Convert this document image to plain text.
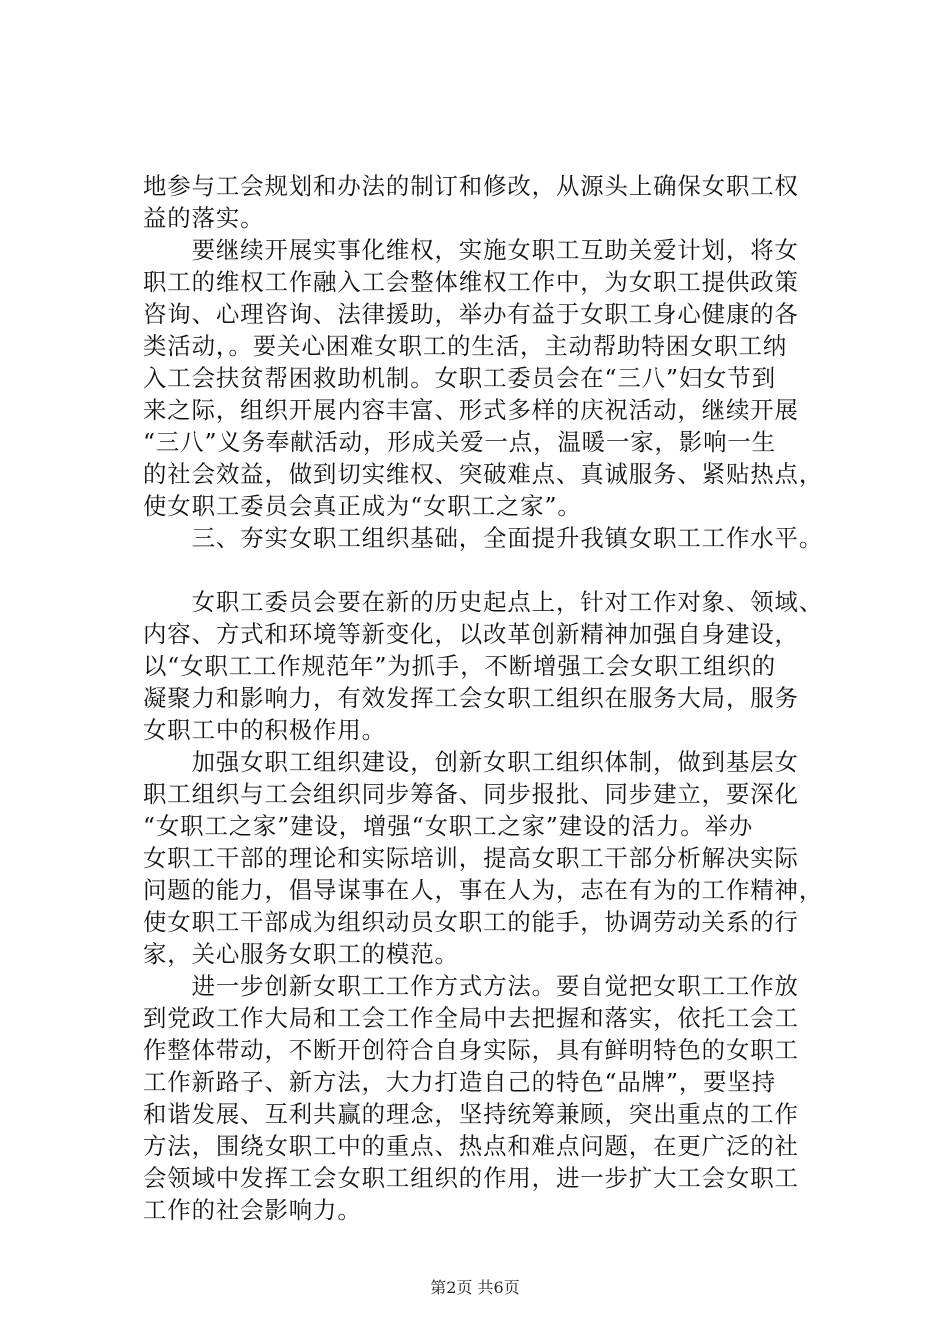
地参与工会规划和办法的制订和修改，从源头上确保女职工权
益的落实。
　　要继续开展实事化维权，实施女职工互助关爱计划，将女
职工的维权工作融入工会整体维权工作中，为女职工提供政策
咨询、心理咨询、法律援助，举办有益于女职工身心健康的各
类活动，。要关心困难女职工的生活，主动帮助特困女职工纳
入工会扶贫帮困救助机制。女职工委员会在“三八”妇女节到
来之际，组织开展内容丰富、形式多样的庆祝活动，继续开展
“三八”义务奉献活动，形成关爱一点，温暖一家，影响一生
的社会效益，做到切实维权、突破难点、真诚服务、紧贴热点，
使女职工委员会真正成为“女职工之家”。
　　三、夯实女职工组织基础，全面提升我镇女职工工作水平。
　　女职工委员会要在新的历史起点上，针对工作对象、领域、
内容、方式和环境等新变化，以改革创新精神加强自身建设，
以“女职工工作规范年”为抓手，不断增强工会女职工组织的
凝聚力和影响力，有效发挥工会女职工组织在服务大局，服务
女职工中的积极作用。
　　加强女职工组织建设，创新女职工组织体制，做到基层女
职工组织与工会组织同步筹备、同步报批、同步建立，要深化
“女职工之家”建设，增强“女职工之家”建设的活力。举办
女职工干部的理论和实际培训，提高女职工干部分析解决实际
问题的能力，倡导谋事在人，事在人为，志在有为的工作精神，
使女职工干部成为组织动员女职工的能手，协调劳动关系的行
家，关心服务女职工的模范。
　　进一步创新女职工工作方式方法。要自觉把女职工工作放
到党政工作大局和工会工作全局中去把握和落实，依托工会工
作整体带动，不断开创符合自身实际，具有鲜明特色的女职工
工作新路子、新方法，大力打造自己的特色“品牌”，要坚持
和谐发展、互利共赢的理念，坚持统筹兼顾，突出重点的工作
方法，围绕女职工中的重点、热点和难点问题，在更广泛的社
会领域中发挥工会女职工组织的作用，进一步扩大工会女职工
工作的社会影响力。
第2页 共6页
